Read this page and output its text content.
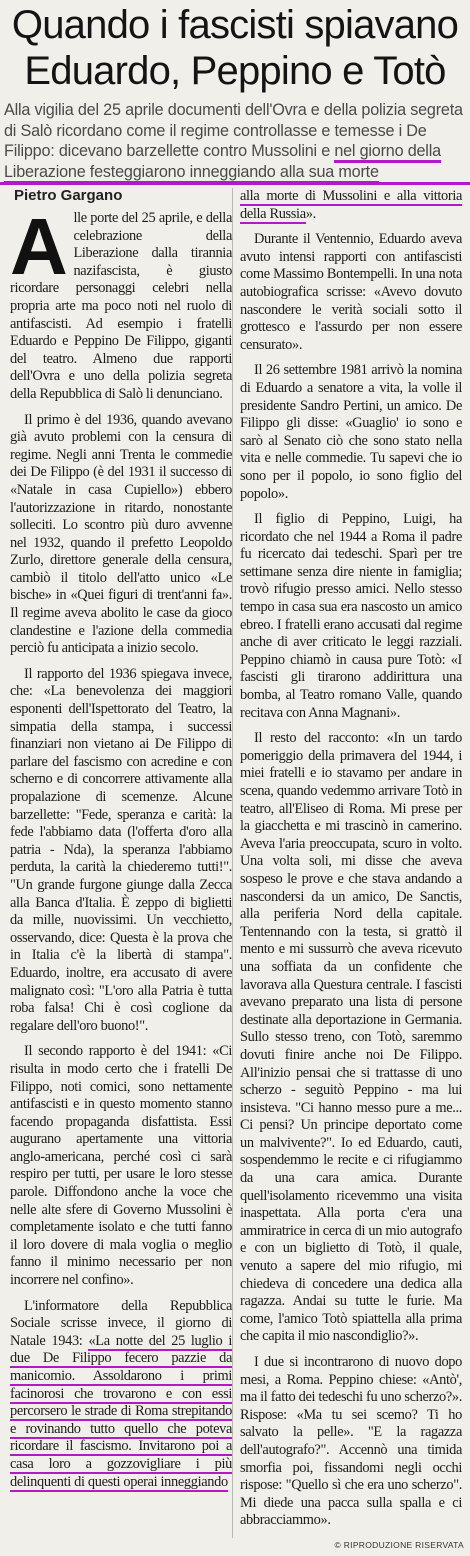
Quando i fascisti spiavano
Eduardo, Peppino e Totò
Alla vigilia del 25 aprile documenti dell'Ovra e della polizia segreta di Salò ricordano come il regime controllasse e temesse i De Filippo: dicevano barzellette contro Mussolini e nel giorno della Liberazione festeggiarono inneggiando alla sua morte
Pietro Gargano

Alle porte del 25 aprile, e della celebrazione della Liberazione dalla tirannia nazifascista, è giusto ricordare personaggi celebri nella propria arte ma poco noti nel ruolo di antifascisti. Ad esempio i fratelli Eduardo e Peppino De Filippo, giganti del teatro. Almeno due rapporti dell'Ovra e uno della polizia segreta della Repubblica di Salò li denunciano.

Il primo è del 1936, quando avevano già avuto problemi con la censura di regime. Negli anni Trenta le commedie dei De Filippo (è del 1931 il successo di «Natale in casa Cupiello») ebbero l'autorizzazione in ritardo, nonostante solleciti. Lo scontro più duro avvenne nel 1932, quando il prefetto Leopoldo Zurlo, direttore generale della censura, cambiò il titolo dell'atto unico «Le bische» in «Quei figuri di trent'anni fa». Il regime aveva abolito le case da gioco clandestine e l'azione della commedia perciò fu anticipata a inizio secolo.

Il rapporto del 1936 spiegava invece, che: «La benevolenza dei maggiori esponenti dell'Ispettorato del Teatro, la simpatia della stampa, i successi finanziari non vietano ai De Filippo di parlare del fascismo con acredine e con scherno e di concorrere attivamente alla propalazione di scemenze. Alcune barzellette: "Fede, speranza e carità: la fede l'abbiamo data (l'offerta d'oro alla patria - Nda), la speranza l'abbiamo perduta, la carità la chiederemo tutti!". "Un grande furgone giunge dalla Zecca alla Banca d'Italia. È zeppo di biglietti da mille, nuovissimi. Un vecchietto, osservando, dice: Questa è la prova che in Italia c'è la libertà di stampa". Eduardo, inoltre, era accusato di avere malignato così: "L'oro alla Patria è tutta roba falsa! Chi è così coglione da regalare dell'oro buono!".

Il secondo rapporto è del 1941: «Ci risulta in modo certo che i fratelli De Filippo, noti comici, sono nettamente antifascisti e in questo momento stanno facendo propaganda disfattista. Essi augurano apertamente una vittoria anglo-americana, perché così ci sarà respiro per tutti, per usare le loro stesse parole. Diffondono anche la voce che nelle alte sfere di Governo Mussolini è completamente isolato e che tutti fanno il loro dovere di mala voglia o meglio fanno il minimo necessario per non incorrere nel confino».

L'informatore della Repubblica Sociale scrisse invece, il giorno di Natale 1943: «La notte del 25 luglio i due De Filippo fecero pazzie da manicomio. Assoldarono i primi facinorosi che trovarono e con essi percorsero le strade di Roma strepitando e rovinando tutto quello che poteva ricordare il fascismo. Invitarono poi a casa loro a gozzovigliare i più delinquenti di questi operai inneggiando

alla morte di Mussolini e alla vittoria della Russia».

Durante il Ventennio, Eduardo aveva avuto intensi rapporti con antifascisti come Massimo Bontempelli. In una nota autobiografica scrisse: «Avevo dovuto nascondere le verità sociali sotto il grottesco e l'assurdo per non essere censurato».

Il 26 settembre 1981 arrivò la nomina di Eduardo a senatore a vita, la volle il presidente Sandro Pertini, un amico. De Filippo gli disse: «Guaglio' io sono e sarò al Senato ciò che sono stato nella vita e nelle commedie. Tu sapevi che io sono per il popolo, io sono figlio del popolo».

Il figlio di Peppino, Luigi, ha ricordato che nel 1944 a Roma il padre fu ricercato dai tedeschi. Sparì per tre settimane senza dire niente in famiglia; trovò rifugio presso amici. Nello stesso tempo in casa sua era nascosto un amico ebreo. I fratelli erano accusati dal regime anche di aver criticato le leggi razziali. Peppino chiamò in causa pure Totò: «I fascisti gli tirarono addirittura una bomba, al Teatro romano Valle, quando recitava con Anna Magnani».

Il resto del racconto: «In un tardo pomeriggio della primavera del 1944, i miei fratelli e io stavamo per andare in scena, quando vedemmo arrivare Totò in teatro, all'Eliseo di Roma. Mi prese per la giacchetta e mi trascinò in camerino. Aveva l'aria preoccupata, scuro in volto. Una volta soli, mi disse che aveva sospeso le prove e che stava andando a nascondersi da un amico, De Sanctis, alla periferia Nord della capitale. Tentennando con la testa, si grattò il mento e mi sussurrò che aveva ricevuto una soffiata da un confidente che lavorava alla Questura centrale. I fascisti avevano preparato una lista di persone destinate alla deportazione in Germania. Sullo stesso treno, con Totò, saremmo dovuti finire anche noi De Filippo. All'inizio pensai che si trattasse di uno scherzo - seguitò Peppino - ma lui insisteva. "Ci hanno messo pure a me... Ci pensi? Un principe deportato come un malvivente?". Io ed Eduardo, cauti, sospendemmo le recite e ci rifugiammo da una cara amica. Durante quell'isolamento ricevemmo una visita inaspettata. Alla porta c'era una ammiratrice in cerca di un mio autografo e con un biglietto di Totò, il quale, venuto a sapere del mio rifugio, mi chiedeva di concedere una dedica alla ragazza. Andai su tutte le furie. Ma come, l'amico Totò spiattella alla prima che capita il mio nascondiglio?».

I due si incontrarono di nuovo dopo mesi, a Roma. Peppino chiese: «Antò', ma il fatto dei tedeschi fu uno scherzo?». Rispose: «Ma tu sei scemo? Ti ho salvato la pelle». "E la ragazza dell'autografo?". Accennò una timida smorfia poi, fissandomi negli occhi rispose: "Quello sì che era uno scherzo". Mi diede una pacca sulla spalla e ci abbracciammo».

© RIPRODUZIONE RISERVATA
